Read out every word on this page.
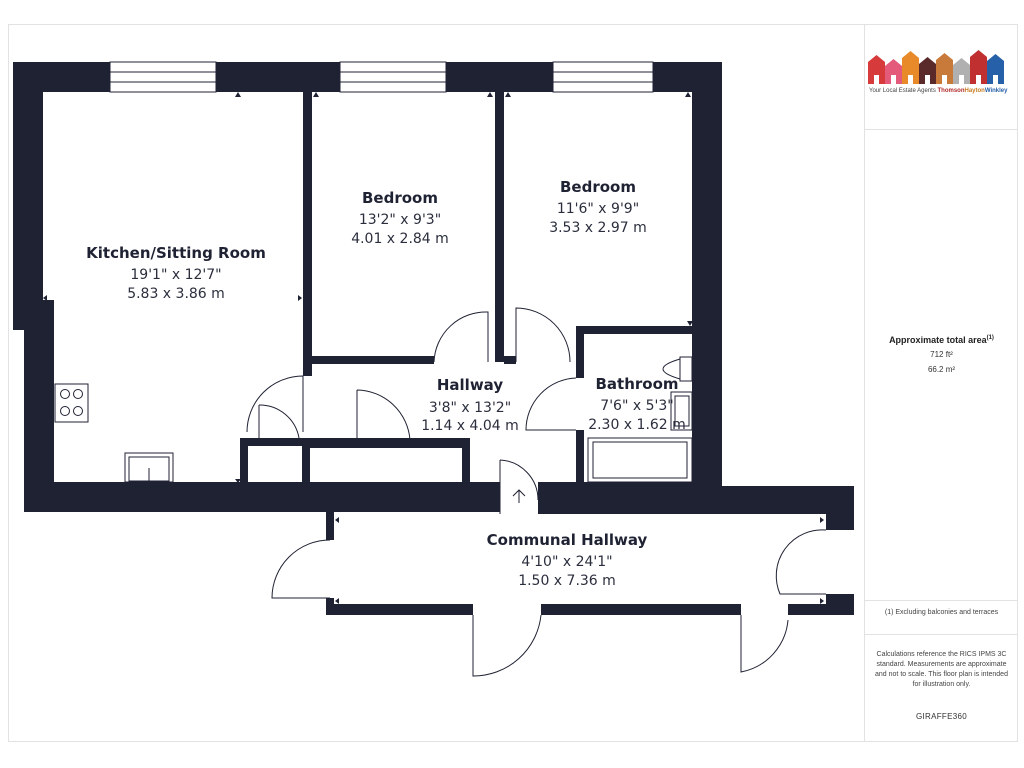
Kitchen/Sitting Room
19'1" x 12'7"
5.83 x 3.86 m
Bedroom
13'2" x 9'3"
4.01 x 2.84 m
Bedroom
11'6" x 9'9"
3.53 x 2.97 m
Hallway
3'8" x 13'2"
1.14 x 4.04 m
Bathroom
7'6" x 5'3"
2.30 x 1.62 m
Communal Hallway
4'10" x 24'1"
1.50 x 7.36 m
Your Local Estate Agents ThomsonHaytonWinkley
Approximate total area$^{(1)}$
712 ft²
66.2 m²
(1) Excluding balconies and terraces
Calculations reference the RICS IPMS 3C standard. Measurements are approximate and not to scale. This floor plan is intended for illustration only.
GIRAFFE360
